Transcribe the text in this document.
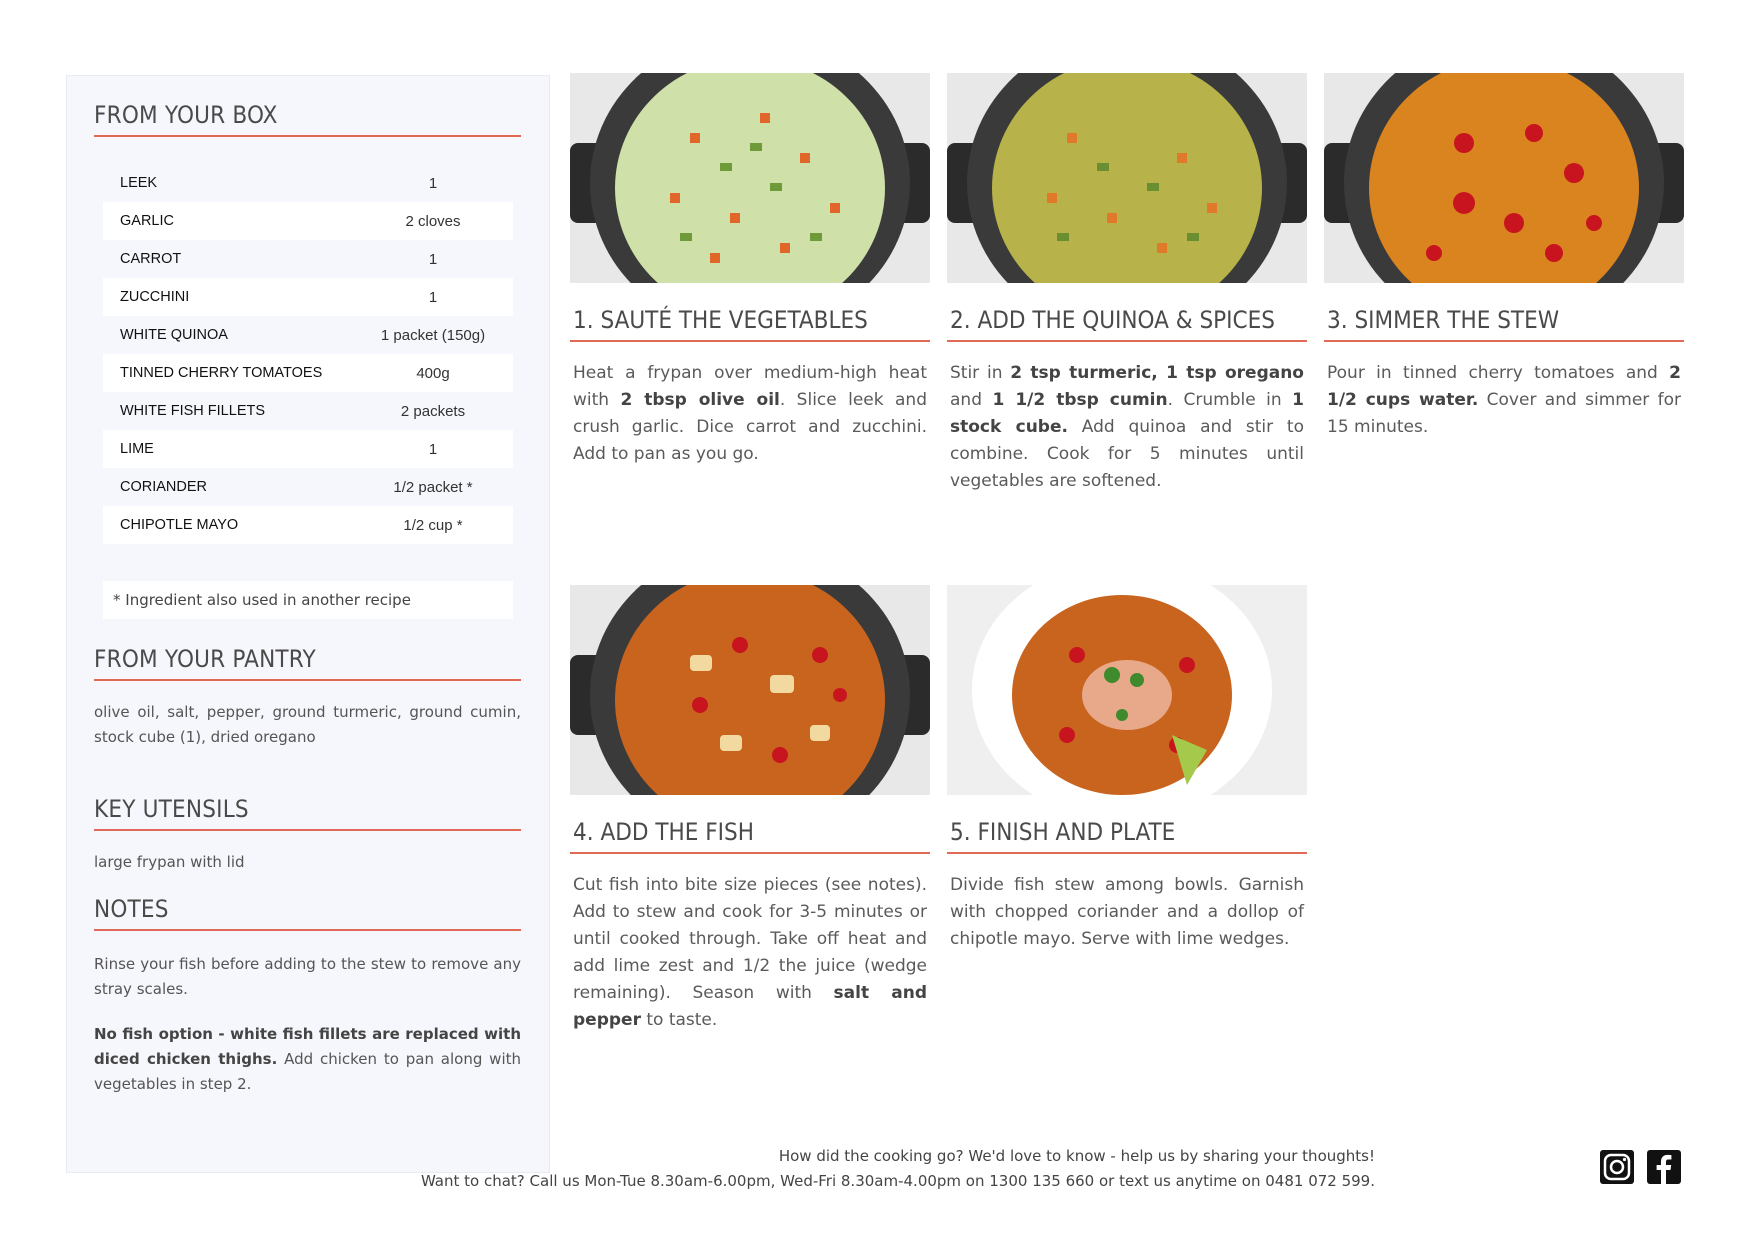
FROM YOUR BOX
LEEK	1
GARLIC	2 cloves
CARROT	1
ZUCCHINI	1
WHITE QUINOA	1 packet (150g)
TINNED CHERRY TOMATOES	400g
WHITE FISH FILLETS	2 packets
LIME	1
CORIANDER	1/2 packet *
CHIPOTLE MAYO	1/2 cup *
* Ingredient also used in another recipe
FROM YOUR PANTRY
olive oil, salt, pepper, ground turmeric, ground cumin, stock cube (1), dried oregano
KEY UTENSILS
large frypan with lid
NOTES
Rinse your fish before adding to the stew to remove any stray scales.
No fish option - white fish fillets are replaced with diced chicken thighs. Add chicken to pan along with vegetables in step 2.
1. SAUTÉ THE VEGETABLES
Heat a frypan over medium-high heat with 2 tbsp olive oil. Slice leek and crush garlic. Dice carrot and zucchini. Add to pan as you go.
2. ADD THE QUINOA & SPICES
Stir in 2 tsp turmeric, 1 tsp oregano and 1 1/2 tbsp cumin. Crumble in 1 stock cube. Add quinoa and stir to combine. Cook for 5 minutes until vegetables are softened.
3. SIMMER THE STEW
Pour in tinned cherry tomatoes and 2 1/2 cups water. Cover and simmer for 15 minutes.
4. ADD THE FISH
Cut fish into bite size pieces (see notes). Add to stew and cook for 3-5 minutes or until cooked through. Take off heat and add lime zest and 1/2 the juice (wedge remaining). Season with salt and pepper to taste.
5. FINISH AND PLATE
Divide fish stew among bowls. Garnish with chopped coriander and a dollop of chipotle mayo. Serve with lime wedges.
How did the cooking go? We'd love to know - help us by sharing your thoughts!
Want to chat? Call us Mon-Tue 8.30am-6.00pm, Wed-Fri 8.30am-4.00pm on 1300 135 660 or text us anytime on 0481 072 599.
